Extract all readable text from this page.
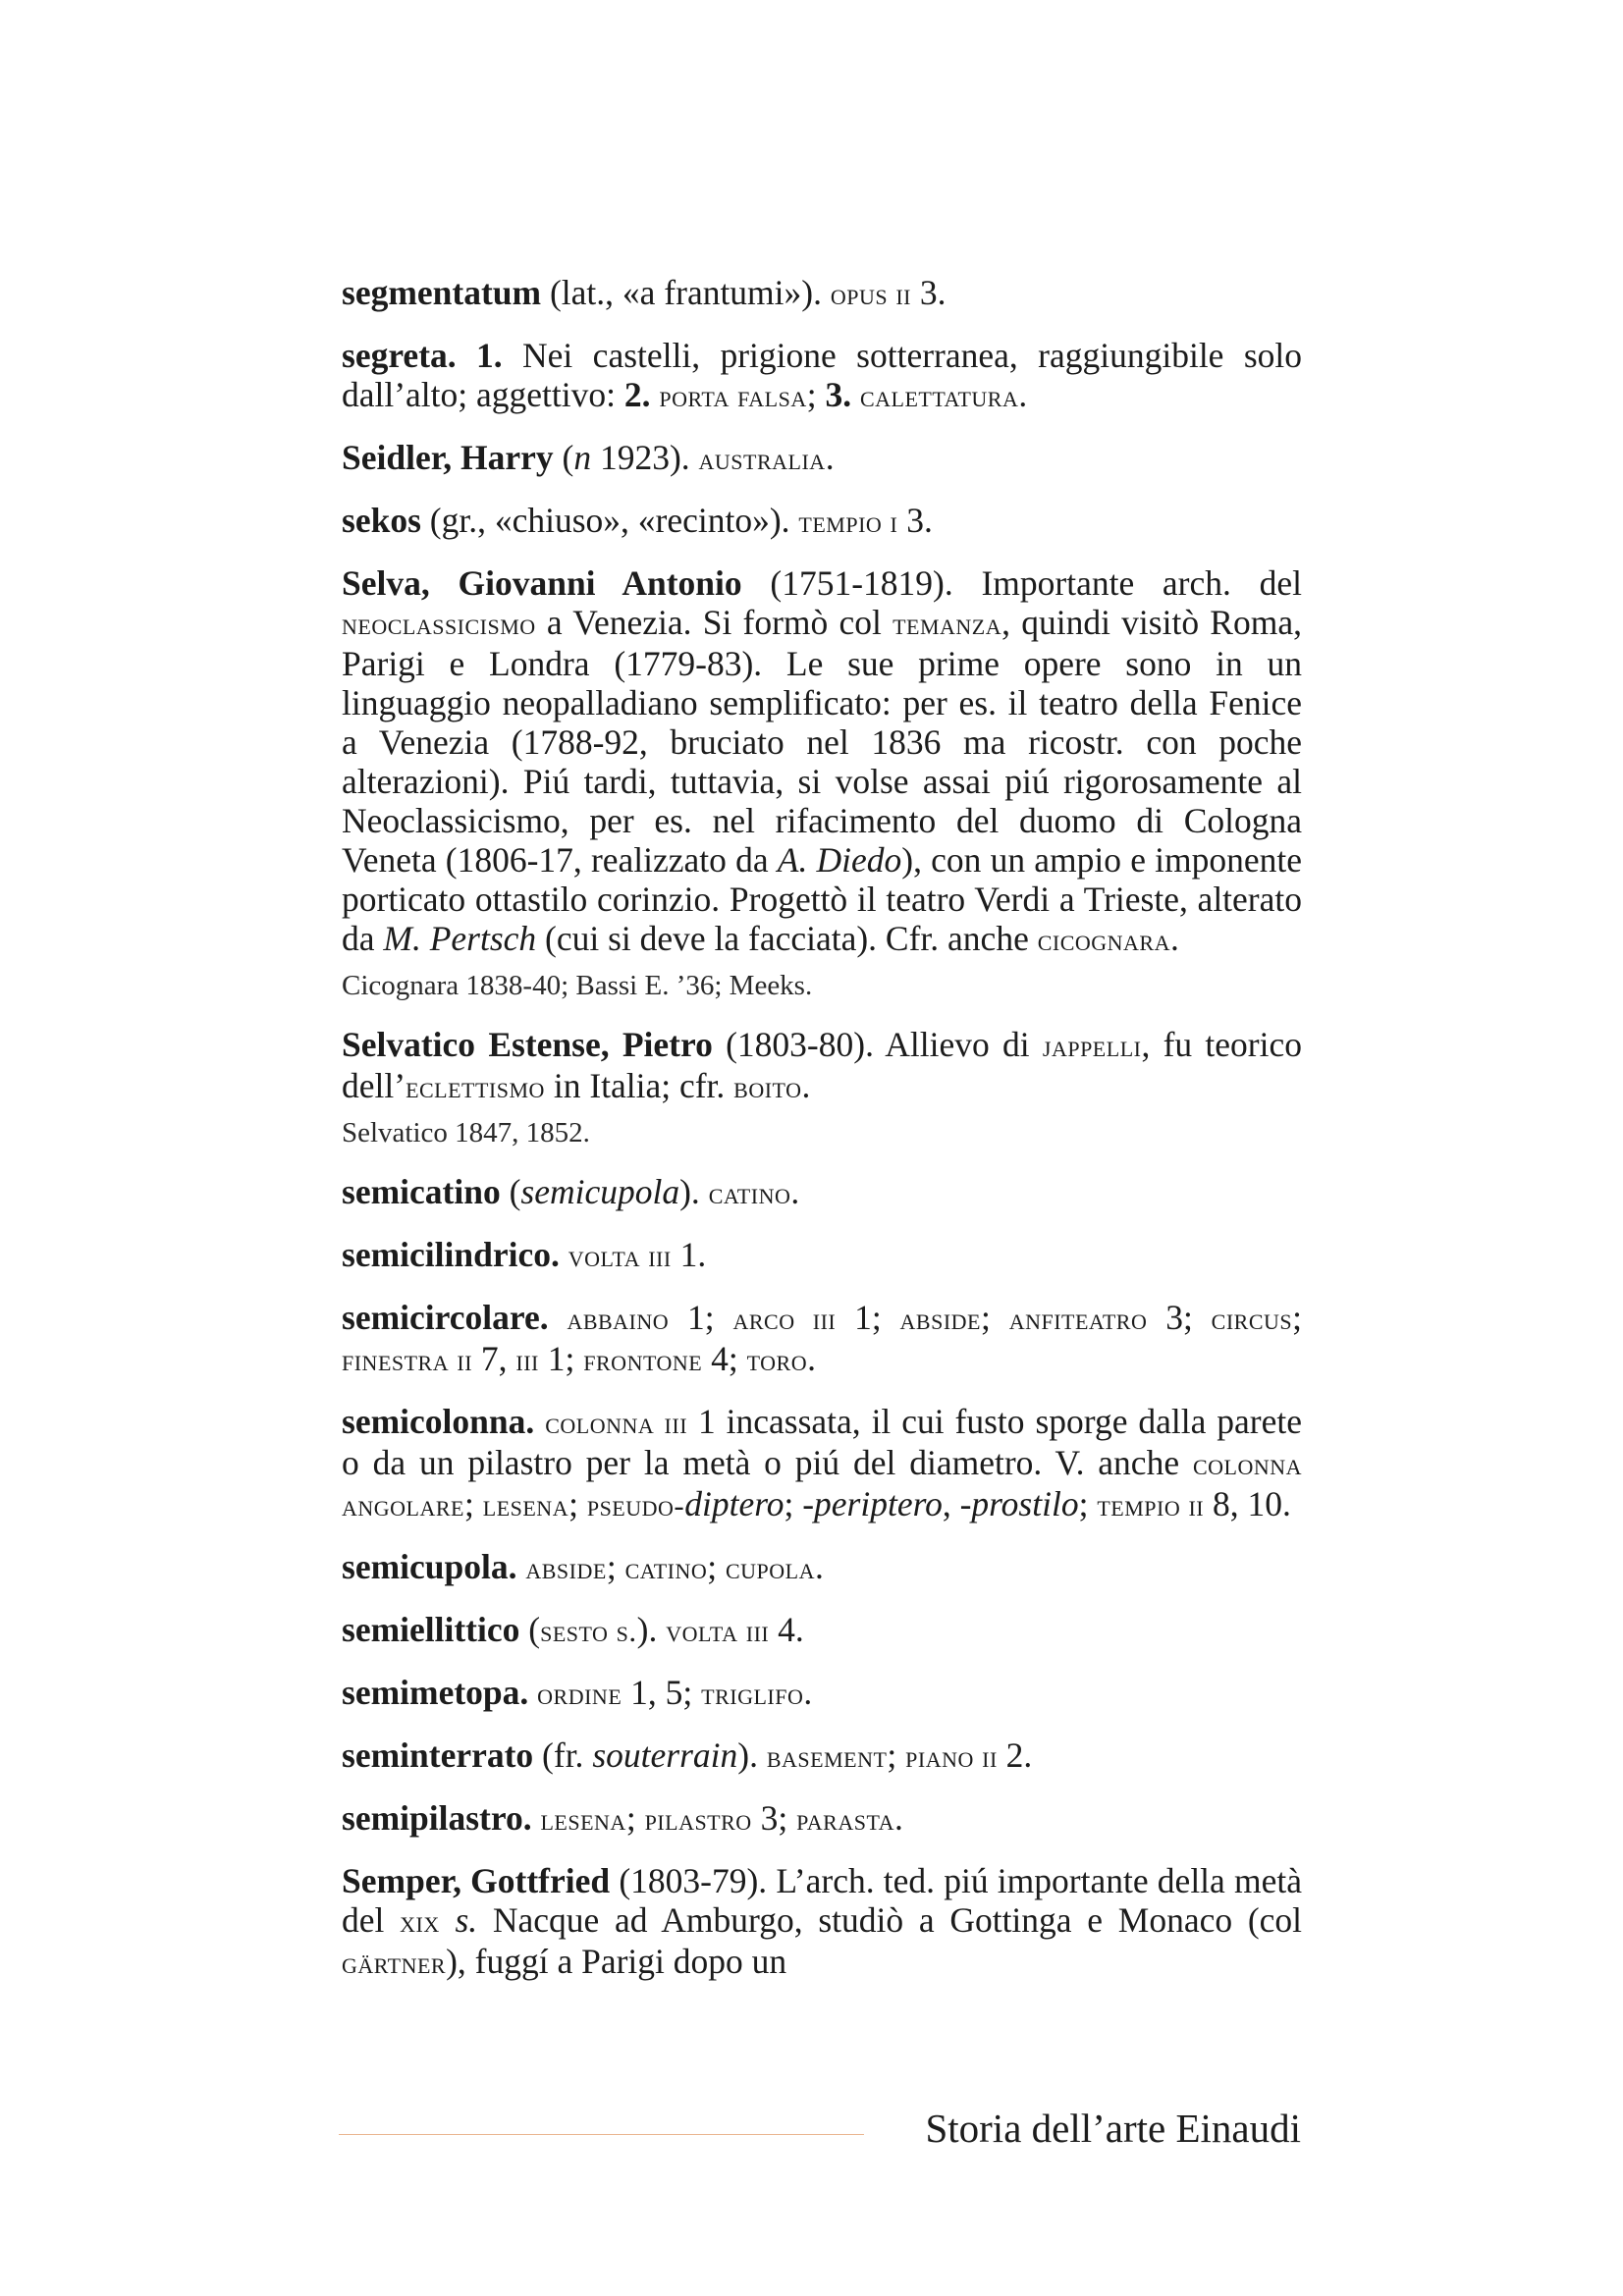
segmentatum (lat., «a frantumi»). opus ii 3.

segreta. 1. Nei castelli, prigione sotterranea, raggiungibile solo dall’alto; aggettivo: 2. porta falsa; 3. calettatura.

Seidler, Harry (n 1923). australia.

sekos (gr., «chiuso», «recinto»). tempio i 3.

Selva, Giovanni Antonio (1751-1819). Importante arch. del neoclassicismo a Venezia. Si formò col temanza, quindi visitò Roma, Parigi e Londra (1779-83). Le sue prime opere sono in un linguaggio neopalladiano semplificato: per es. il teatro della Fenice a Venezia (1788-92, bruciato nel 1836 ma ricostr. con poche alterazioni). Piú tardi, tuttavia, si volse assai piú rigorosamente al Neoclassicismo, per es. nel rifacimento del duomo di Cologna Veneta (1806-17, realizzato da A. Diedo), con un ampio e imponente porticato ottastilo corinzio. Progettò il teatro Verdi a Trieste, alterato da M. Pertsch (cui si deve la facciata). Cfr. anche cicognara.

Cicognara 1838-40; Bassi E. ’36; Meeks.

Selvatico Estense, Pietro (1803-80). Allievo di jappelli, fu teorico dell’eclettismo in Italia; cfr. boito.

Selvatico 1847, 1852.

semicatino (semicupola). catino.

semicilindrico. volta iii 1.

semicircolare. abbaino 1; arco iii 1; abside; anfiteatro 3; circus; finestra ii 7, iii 1; frontone 4; toro.

semicolonna. colonna iii 1 incassata, il cui fusto sporge dalla parete o da un pilastro per la metà o piú del diametro. V. anche colonna angolare; lesena; pseudo-diptero; -periptero, -prostilo; tempio ii 8, 10.

semicupola. abside; catino; cupola.

semiellittico (sesto s.). volta iii 4.

semimetopa. ordine 1, 5; triglifo.

seminterrato (fr. souterrain). basement; piano ii 2.

semipilastro. lesena; pilastro 3; parasta.

Semper, Gottfried (1803-79). L’arch. ted. piú importante della metà del xix s. Nacque ad Amburgo, studiò a Gottinga e Monaco (col gärtner), fuggí a Parigi dopo un

Storia dell’arte Einaudi
